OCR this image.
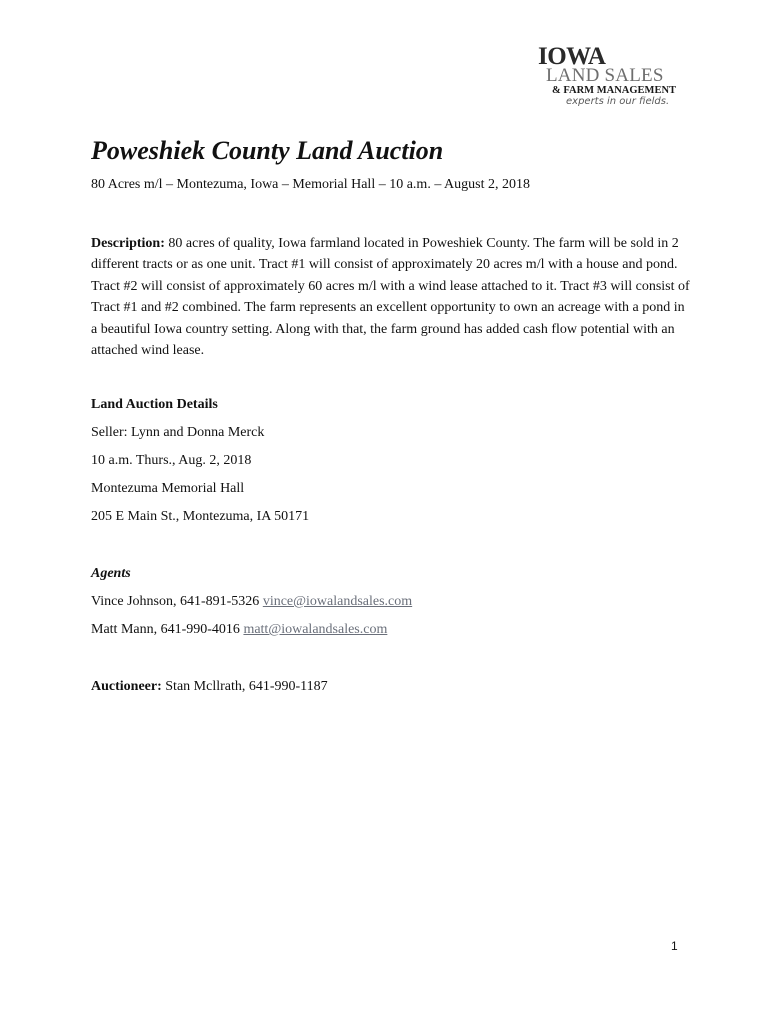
IOWA
LAND SALES
& FARM MANAGEMENT
experts in our fields.
Poweshiek County Land Auction
80 Acres m/l – Montezuma, Iowa – Memorial Hall – 10 a.m. – August 2, 2018

Description: 80 acres of quality, Iowa farmland located in Poweshiek County. The farm will be sold in 2 different tracts or as one unit. Tract #1 will consist of approximately 20 acres m/l with a house and pond. Tract #2 will consist of approximately 60 acres m/l with a wind lease attached to it. Tract #3 will consist of Tract #1 and #2 combined. The farm represents an excellent opportunity to own an acreage with a pond in a beautiful Iowa country setting. Along with that, the farm ground has added cash flow potential with an attached wind lease.

Land Auction Details
Seller: Lynn and Donna Merck
10 a.m. Thurs., Aug. 2, 2018
Montezuma Memorial Hall
205 E Main St., Montezuma, IA 50171
Agents
Vince Johnson, 641-891-5326 vince@iowalandsales.com
Matt Mann, 641-990-4016 matt@iowalandsales.com
Auctioneer: Stan Mcllrath, 641-990-1187
1
